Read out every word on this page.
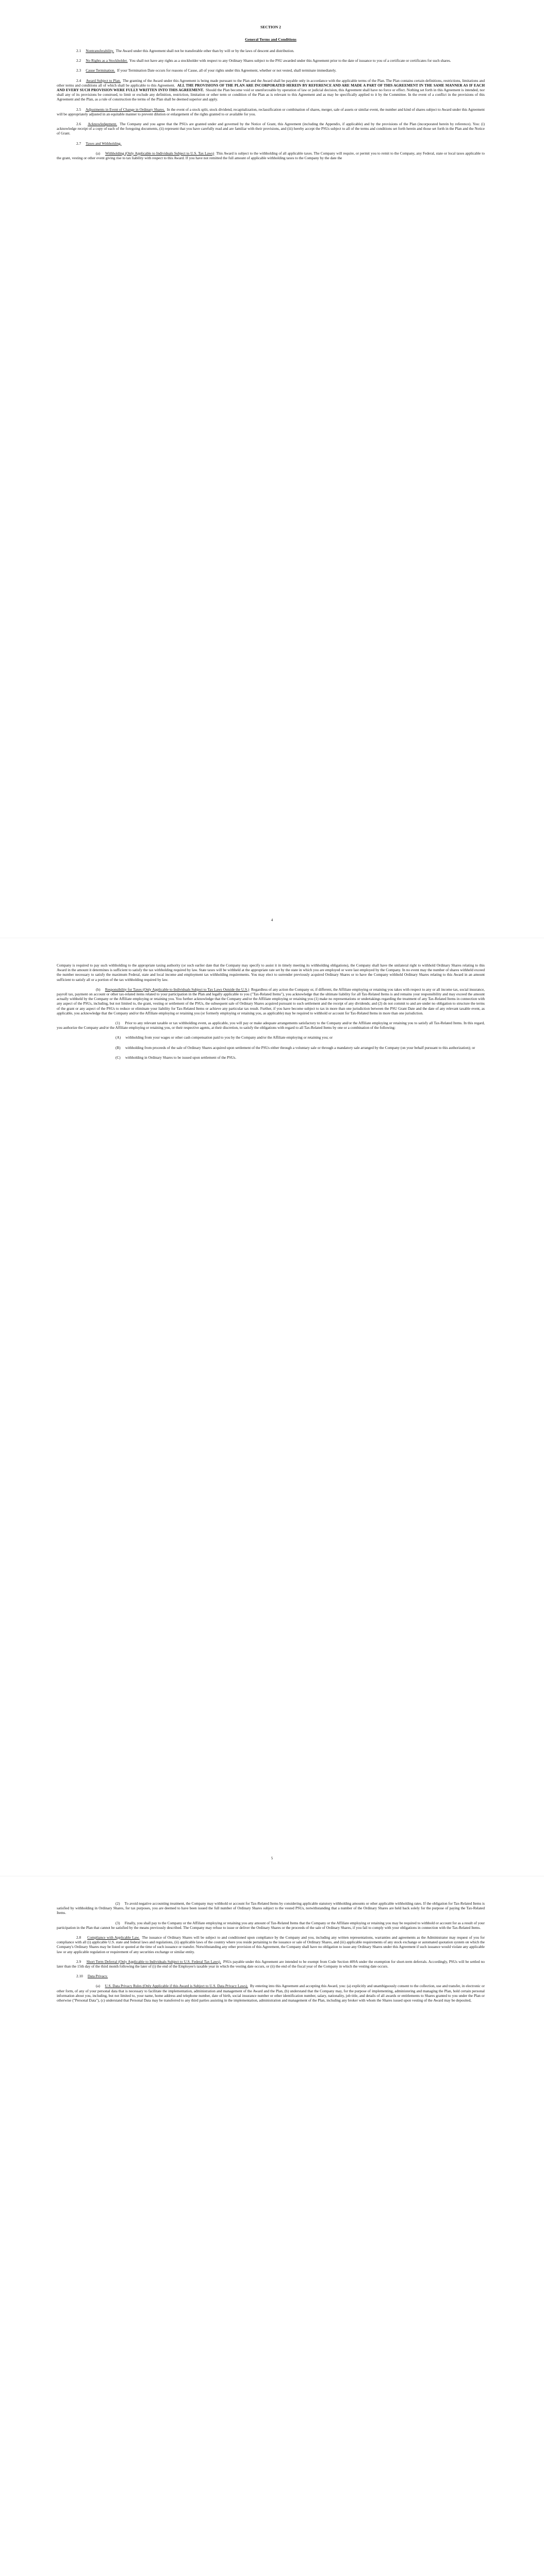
SECTION 2
General Terms and Conditions

2.1 Nontransferability. The Award under this Agreement shall not be transferable other than by will or by the laws of descent and distribution.

2.2 No Rights as a Stockholder. You shall not have any rights as a stockholder with respect to any Ordinary Shares subject to the PSU awarded under this Agreement prior to the date of issuance to you of a certificate or certificates for such shares.

2.3 Cause Termination. If your Termination Date occurs for reasons of Cause, all of your rights under this Agreement, whether or not vested, shall terminate immediately.

2.4 Award Subject to Plan. The granting of the Award under this Agreement is being made pursuant to the Plan and the Award shall be payable only in accordance with the applicable terms of the Plan. The Plan contains certain definitions, restrictions, limitations and other terms and conditions all of which shall be applicable to this Agreement. ALL THE PROVISIONS OF THE PLAN ARE INCORPORATED HEREIN BY REFERENCE AND ARE MADE A PART OF THIS AGREEMENT IN THE SAME MANNER AS IF EACH AND EVERY SUCH PROVISION WERE FULLY WRITTEN INTO THIS AGREEMENT. Should the Plan become void or unenforceable by operation of law or judicial decision, this Agreement shall have no force or effect. Nothing set forth in this Agreement is intended, nor shall any of its provisions be construed, to limit or exclude any definition, restriction, limitation or other term or condition of the Plan as is relevant to this Agreement and as may be specifically applied to it by the Committee. In the event of a conflict in the provisions of this Agreement and the Plan, as a rule of construction the terms of the Plan shall be deemed superior and apply.

2.5 Adjustments in Event of Change in Ordinary Shares. In the event of a stock split, stock dividend, recapitalization, reclassification or combination of shares, merger, sale of assets or similar event, the number and kind of shares subject to Award under this Agreement will be appropriately adjusted in an equitable manner to prevent dilution or enlargement of the rights granted to or available for you.

2.6 Acknowledgement. The Company and you agree that the PSUs are granted under and governed by the Notice of Grant, this Agreement (including the Appendix, if applicable) and by the provisions of the Plan (incorporated herein by reference). You: (i) acknowledge receipt of a copy of each of the foregoing documents, (ii) represent that you have carefully read and are familiar with their provisions, and (iii) hereby accept the PSUs subject to all of the terms and conditions set forth herein and those set forth in the Plan and the Notice of Grant.

2.7 Taxes and Withholding.

(a) Withholding (Only Applicable to Individuals Subject to U.S. Tax Laws) This Award is subject to the withholding of all applicable taxes. The Company will require, or permit you to remit to the Company, any Federal, state or local taxes applicable to the grant, vesting or other event giving rise to tax liability with respect to this Award. If you have not remitted the full amount of applicable withholding taxes to the Company by the date the

4

Company is required to pay such withholding to the appropriate taxing authority (or such earlier date that the Company may specify to assist it in timely meeting its withholding obligations), the Company shall have the unilateral right to withhold Ordinary Shares relating to this Award in the amount it determines is sufficient to satisfy the tax withholding required by law. State taxes will be withheld at the appropriate rate set by the state in which you are employed or were last employed by the Company. In no event may the number of shares withheld exceed the number necessary to satisfy the maximum Federal, state and local income and employment tax withholding requirements. You may elect to surrender previously acquired Ordinary Shares or to have the Company withhold Ordinary Shares relating to this Award in an amount sufficient to satisfy all or a portion of the tax withholding required by law.

(b) Responsibility for Taxes (Only Applicable to Individuals Subject to Tax Laws Outside the U.S.) Regardless of any action the Company or, if different, the Affiliate employing or retaining you takes with respect to any or all income tax, social insurance, payroll tax, payment on account or other tax-related items related to your participation in the Plan and legally applicable to you ("Tax-Related Items"), you acknowledge that the ultimate liability for all Tax-Related Items is and remains your responsibility and may exceed the amount actually withheld by the Company or the Affiliate employing or retaining you. You further acknowledge that the Company and/or the Affiliate employing or retaining you (1) make no representations or undertakings regarding the treatment of any Tax-Related Items in connection with any aspect of the PSUs, including, but not limited to, the grant, vesting or settlement of the PSUs, the subsequent sale of Ordinary Shares acquired pursuant to such settlement and the receipt of any dividends; and (2) do not commit to and are under no obligation to structure the terms of the grant or any aspect of the PSUs to reduce or eliminate your liability for Tax-Related Items or achieve any particular tax result. Further, if you have become subject to tax in more than one jurisdiction between the PSU Grant Date and the date of any relevant taxable event, as applicable, you acknowledge that the Company and/or the Affiliate employing or retaining you (or formerly employing or retaining you, as applicable) may be required to withhold or account for Tax-Related Items in more than one jurisdiction.

(1) Prior to any relevant taxable or tax withholding event, as applicable, you will pay or make adequate arrangements satisfactory to the Company and/or the Affiliate employing or retaining you to satisfy all Tax-Related Items. In this regard, you authorize the Company and/or the Affiliate employing or retaining you, or their respective agents, at their discretion, to satisfy the obligations with regard to all Tax-Related Items by one or a combination of the following:

(A) withholding from your wages or other cash compensation paid to you by the Company and/or the Affiliate employing or retaining you; or

(B) withholding from proceeds of the sale of Ordinary Shares acquired upon settlement of the PSUs either through a voluntary sale or through a mandatory sale arranged by the Company (on your behalf pursuant to this authorization); or

(C) withholding in Ordinary Shares to be issued upon settlement of the PSUs.

5

(2) To avoid negative accounting treatment, the Company may withhold or account for Tax-Related Items by considering applicable statutory withholding amounts or other applicable withholding rates. If the obligation for Tax-Related Items is satisfied by withholding in Ordinary Shares, for tax purposes, you are deemed to have been issued the full number of Ordinary Shares subject to the vested PSUs, notwithstanding that a number of the Ordinary Shares are held back solely for the purpose of paying the Tax-Related Items.

(3) Finally, you shall pay to the Company or the Affiliate employing or retaining you any amount of Tax-Related Items that the Company or the Affiliate employing or retaining you may be required to withhold or account for as a result of your participation in the Plan that cannot be satisfied by the means previously described. The Company may refuse to issue or deliver the Ordinary Shares or the proceeds of the sale of Ordinary Shares, if you fail to comply with your obligations in connection with the Tax-Related Items.

2.8 Compliance with Applicable Law. The issuance of Ordinary Shares will be subject to and conditioned upon compliance by the Company and you, including any written representations, warranties and agreements as the Administrator may request of you for compliance with all (i) applicable U.S. state and federal laws and regulations, (ii) applicable laws of the country where you reside pertaining to the issuance or sale of Ordinary Shares, and (iii) applicable requirements of any stock exchange or automated quotation system on which the Company's Ordinary Shares may be listed or quoted at the time of such issuance or transfer. Notwithstanding any other provision of this Agreement, the Company shall have no obligation to issue any Ordinary Shares under this Agreement if such issuance would violate any applicable law or any applicable regulation or requirement of any securities exchange or similar entity.

2.9 Short Term Deferral (Only Applicable to Individuals Subject to U.S. Federal Tax Laws). PSUs payable under this Agreement are intended to be exempt from Code Section 409A under the exemption for short-term deferrals. Accordingly, PSUs will be settled no later than the 15th day of the third month following the later of (i) the end of the Employee's taxable year in which the vesting date occurs, or (ii) the end of the fiscal year of the Company in which the vesting date occurs.

2.10 Data Privacy.

(a) U.S. Data Privacy Rules (Only Applicable if this Award is Subject to U.S. Data Privacy Laws). By entering into this Agreement and accepting this Award, you: (a) explicitly and unambiguously consent to the collection, use and transfer, in electronic or other form, of any of your personal data that is necessary to facilitate the implementation, administration and management of the Award and the Plan, (b) understand that the Company may, for the purpose of implementing, administering and managing the Plan, hold certain personal information about you, including, but not limited to, your name, home address and telephone number, date of birth, social insurance number or other identification number, salary, nationality, job title, and details of all awards or entitlements to Shares granted to you under the Plan or otherwise ("Personal Data"), (c) understand that Personal Data may be transferred to any third parties assisting in the implementation, administration and management of the Plan, including any broker with whom the Shares issued upon vesting of the Award may be deposited,
